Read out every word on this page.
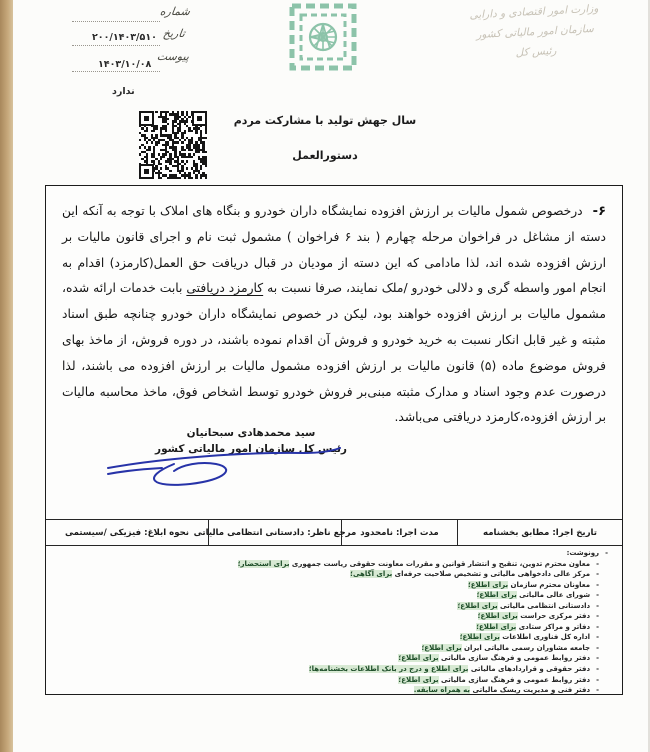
وزارت امور اقتصادی و دارایی
سازمان امور مالیاتی کشور
رئیس کل
شماره
تاریخ
۲۰۰/۱۴۰۳/۵۱۰
پیوست
۱۴۰۳/۱۰/۰۸
ندارد
سال جهش تولید با مشارکت مردم
دستورالعمل
۶-درخصوص شمول مالیات بر ارزش افزوده نمایشگاه داران خودرو و بنگاه های املاک با توجه به آنکه این دسته از مشاغل در فراخوان مرحله چهارم ( بند ۶ فراخوان ) مشمول ثبت نام و اجرای قانون مالیات بر ارزش افزوده شده اند، لذا مادامی که این دسته از مودیان در قبال دریافت حق العمل(کارمزد) اقدام به انجام امور واسطه گری و دلالی خودرو /ملک نمایند، صرفا نسبت به کارمزد دریافتی بابت خدمات ارائه شده، مشمول مالیات بر ارزش افزوده خواهند بود، لیکن در خصوص نمایشگاه داران خودرو چنانچه طبق اسناد مثبته و غیر قابل انکار نسبت به خرید خودرو و فروش آن اقدام نموده باشند، در دوره فروش، از ماخذ بهای فروش موضوع ماده (۵) قانون مالیات بر ارزش افزوده مشمول مالیات بر ارزش افزوده می باشند، لذا درصورت عدم وجود اسناد و مدارک مثبته مبنی‌بر فروش خودرو توسط اشخاص فوق، ماخذ محاسبه مالیات بر ارزش افزوده،کارمزد دریافتی می‌باشد.
سید محمدهادی سبحانیان
رئیس کل سازمان امور مالیاتی کشور
تاریخ اجرا:
مطابق بخشنامه
مدت اجرا:
نامحدود
مرجع ناظر:
دادستانی انتظامی مالیاتی
نحوه ابلاغ:
فیزیکی /سیستمی
-رونوشت:
-معاون محترم تدوین، تنقیح و انتشار قوانین و مقررات معاونت حقوقی ریاست جمهوری برای استحضار؛
-مرکز عالی دادخواهی مالیاتی و تشخیص صلاحیت حرفه‌ای برای آگاهی؛
-معاونان محترم سازمان برای اطلاع؛
-شورای عالی مالیاتی برای اطلاع؛
-دادستانی انتظامی مالیاتی برای اطلاع؛
-دفتر مرکزی حراست برای اطلاع؛
-دفاتر و مراکز ستادی برای اطلاع؛
-اداره کل فناوری اطلاعات برای اطلاع؛
-جامعه مشاوران رسمی مالیاتی ایران برای اطلاع؛
-دفتر روابط عمومی و فرهنگ سازی مالیاتی برای اطلاع؛
-دفتر حقوقی و قراردادهای مالیاتی برای اطلاع و درج در بانک اطلاعات بخشنامه‌ها؛
-دفتر روابط عمومی و فرهنگ سازی مالیاتی برای اطلاع؛
-دفتر فنی و مدیریت ریسک مالیاتی به همراه سابقه.
